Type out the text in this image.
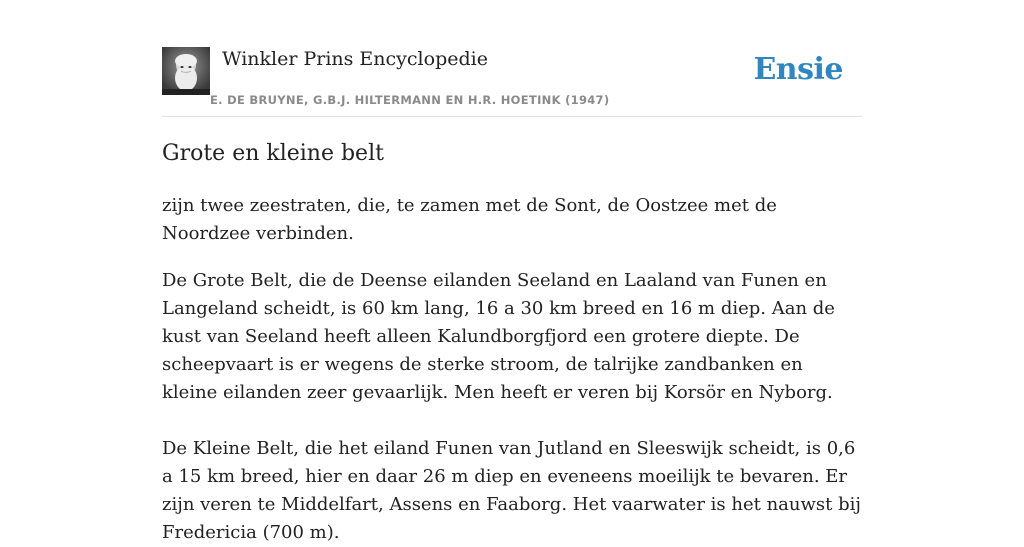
Winkler Prins Encyclopedie
E. DE BRUYNE, G.B.J. HILTERMANN EN H.R. HOETINK (1947)
Ensie
Grote en kleine belt

zijn twee zeestraten, die, te zamen met de Sont, de Oostzee met de Noordzee verbinden.

De Grote Belt, die de Deense eilanden Seeland en Laaland van Funen en Langeland scheidt, is 60 km lang, 16 a 30 km breed en 16 m diep. Aan de kust van Seeland heeft alleen Kalundborgfjord een grotere diepte. De scheepvaart is er wegens de sterke stroom, de talrijke zandbanken en kleine eilanden zeer gevaarlijk. Men heeft er veren bij Korsör en Nyborg.

De Kleine Belt, die het eiland Funen van Jutland en Sleeswijk scheidt, is 0,6 a 15 km breed, hier en daar 26 m diep en eveneens moeilijk te bevaren. Er zijn veren te Middelfart, Assens en Faaborg. Het vaarwater is het nauwst bij Fredericia (700 m).
